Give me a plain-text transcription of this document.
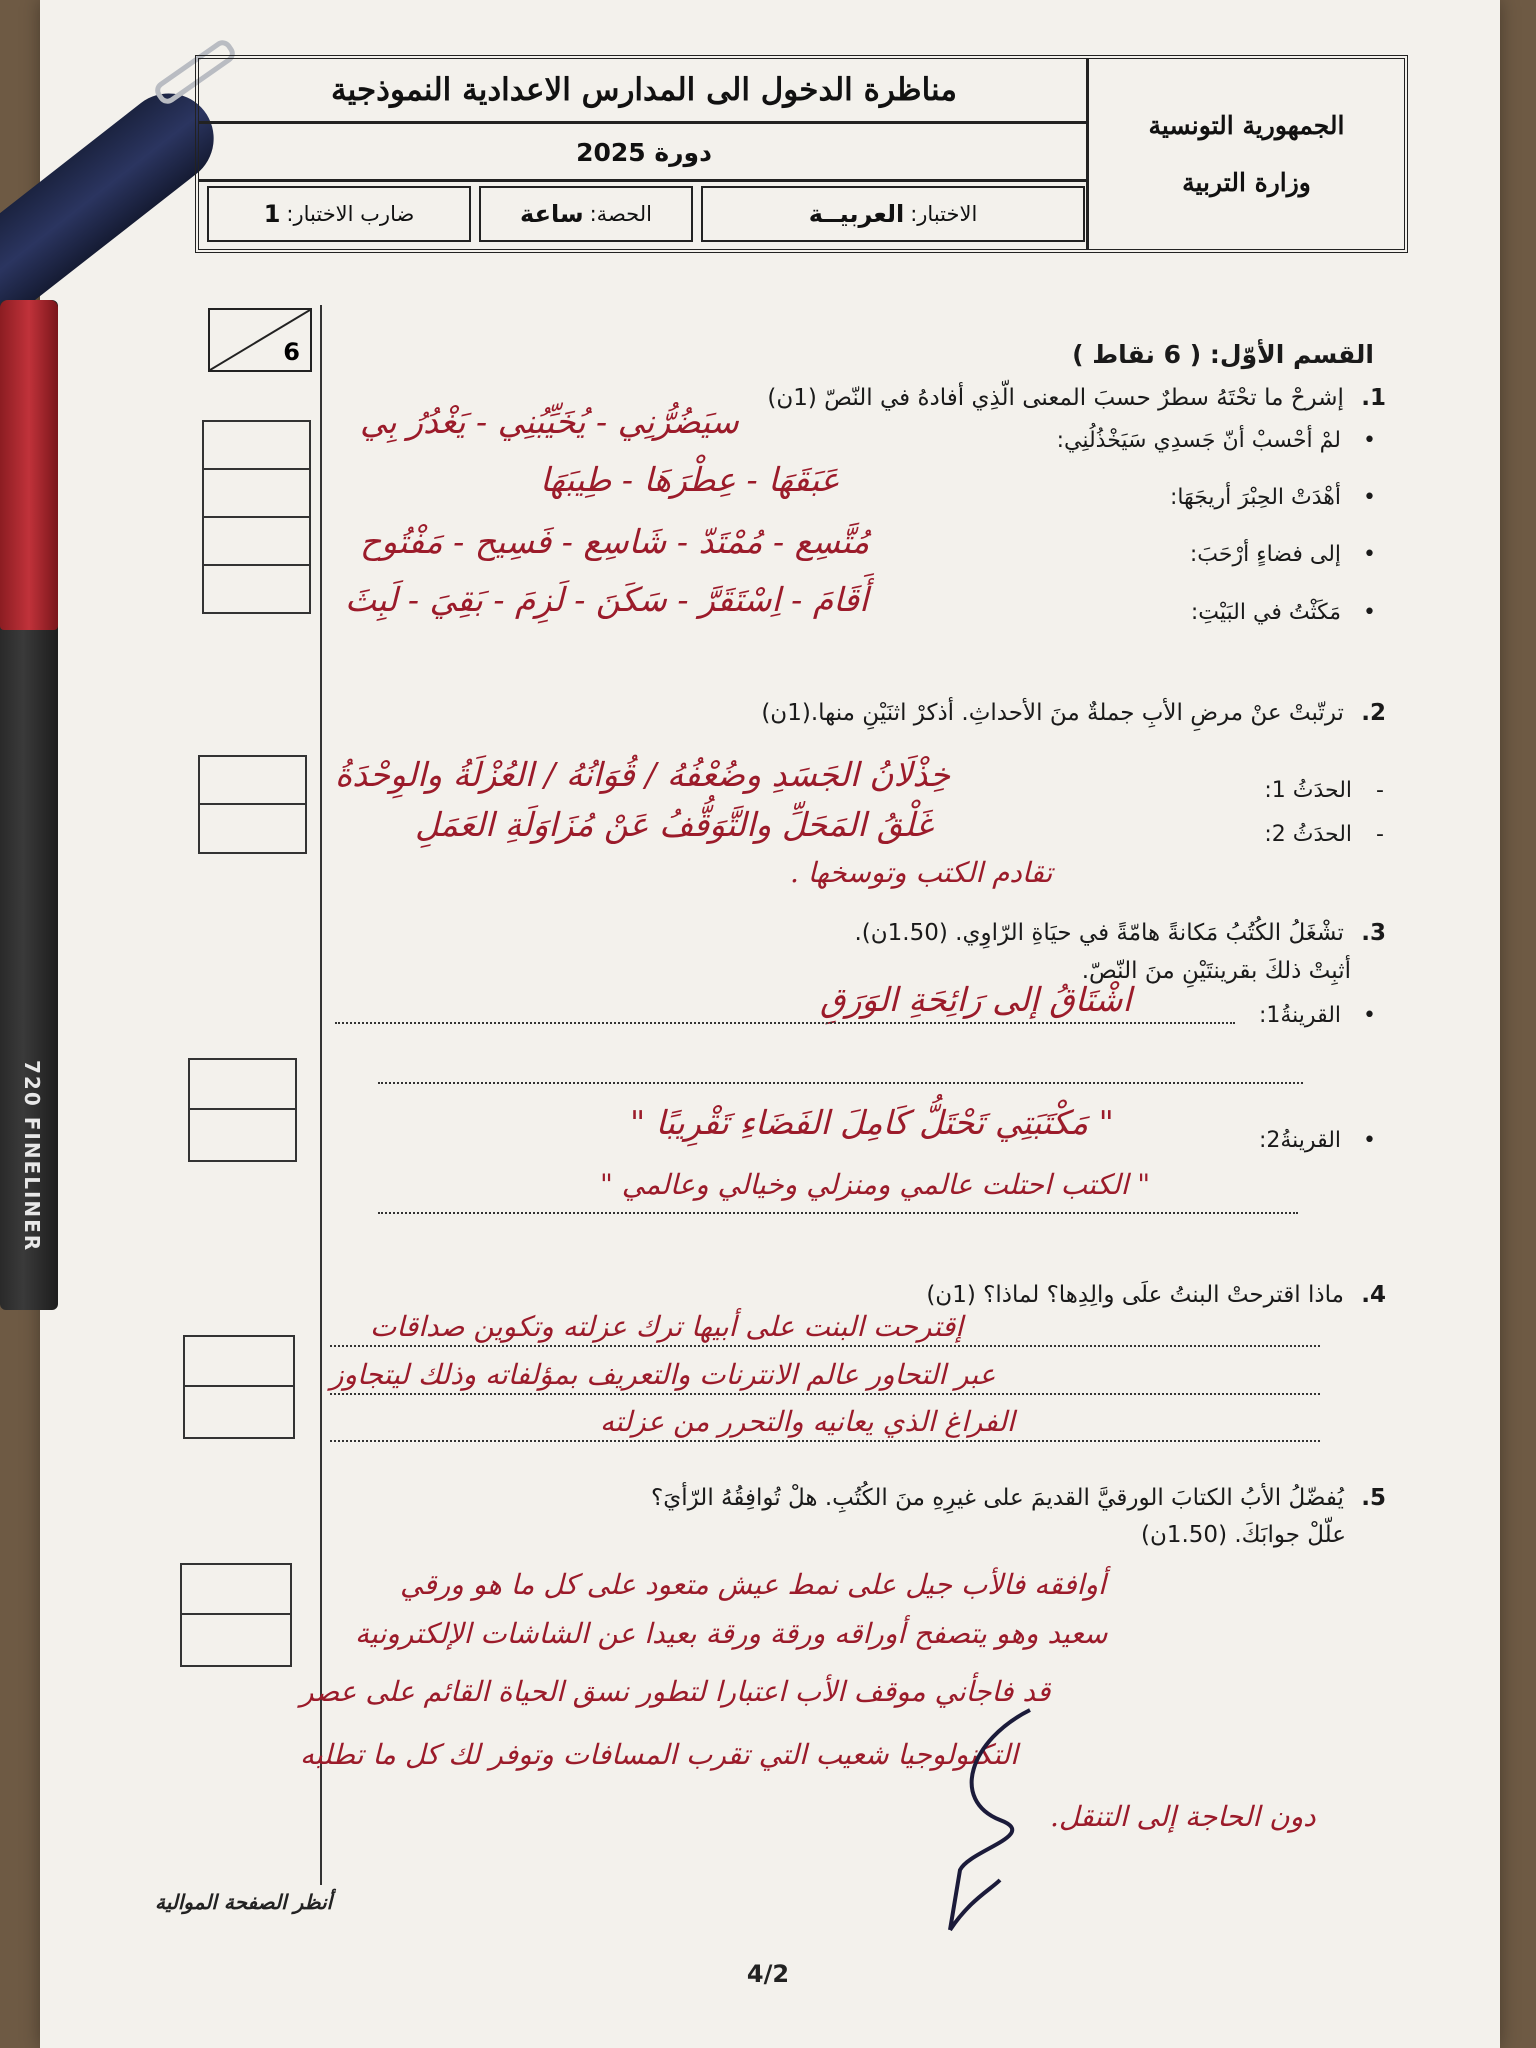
720 FINELINER
الجمهورية التونسية
وزارة التربية
مناظرة الدخول الى المدارس الاعدادية النموذجية
دورة 2025
الاختبار:
العربيــة
الحصة:
ساعة
ضارب الاختبار:
1
6	القسم الأوّل: ( 6 نقاط )
1. إشرحْ ما تحْتَهُ سطرٌ حسبَ المعنى الّذِي أفادهُ في النّصّ (1ن)
• لمْ أحْسبْ أنّ جَسدِي سَيَخْذُلُنِي:
سيَضُرُّنِي - يُخَيِّبُنِي - يَغْدُرُ بِي
• أهْدَتْ الحِبْرَ أريجَهَا:
عَبَقَهَا - عِطْرَهَا - طِيبَهَا
• إلى فضاءٍ أرْحَبَ:
مُتَّسِع - مُمْتَدّ - شَاسِع - فَسِيح - مَفْتُوح
• مَكَثْتُ في البَيْتِ:
أَقَامَ - اِسْتَقَرَّ - سَكَنَ - لَزِمَ - بَقِيَ - لَبِثَ
2. ترتّبتْ عنْ مرضِ الأبِ جملةٌ منَ الأحداثِ. أذكرْ اثنَيْنِ منها.(1ن)
- الحدَثُ 1:
خِذْلَانُ الجَسَدِ وضُعْفُهُ / قُوَانُهُ / العُزْلَةُ والوِحْدَةُ
- الحدَثُ 2:
غَلْقُ المَحَلِّ والتَّوَقُّفُ عَنْ مُزَاوَلَةِ العَمَلِ
تقادم الكتب وتوسخها .
3. تشْغَلُ الكُتُبُ مَكانةً هامّةً في حيَاةِ الرّاوِي. (1.50ن).
أثبِتْ ذلكَ بقرينتَيْنِ منَ النّصّ.
• القرينةُ1:
اشْتَاقُ إلى رَائِحَةِ الوَرَقِ
• القرينةُ2:
" مَكْتَبَتِي تَحْتَلُّ كَامِلَ الفَضَاءِ تَقْرِيبًا "
" الكتب احتلت عالمي ومنزلي وخيالي وعالمي "
4. ماذا اقترحتْ البنتُ علَى والِدِها؟ لماذا؟ (1ن)
إقترحت البنت على أبيها ترك عزلته وتكوين صداقات
عبر التحاور عالم الانترنات والتعريف بمؤلفاته وذلك ليتجاوز
الفراغ الذي يعانيه والتحرر من عزلته
5. يُفضّلُ الأبُ الكتابَ الورقيَّ القديمَ على غيرِهِ منَ الكُتُبِ. هلْ تُوافِقُهُ الرّأيَ؟
علّلْ جوابَكَ. (1.50ن)
أوافقه فالأب جيل على نمط عيش متعود على كل ما هو ورقي
سعيد وهو يتصفح أوراقه ورقة ورقة بعيدا عن الشاشات الإلكترونية
قد فاجأني موقف الأب اعتبارا لتطور نسق الحياة القائم على عصر
التكنولوجيا شعيب التي تقرب المسافات وتوفر لك كل ما تطلبه
دون الحاجة إلى التنقل.
أنظر الصفحة الموالية
4/2
